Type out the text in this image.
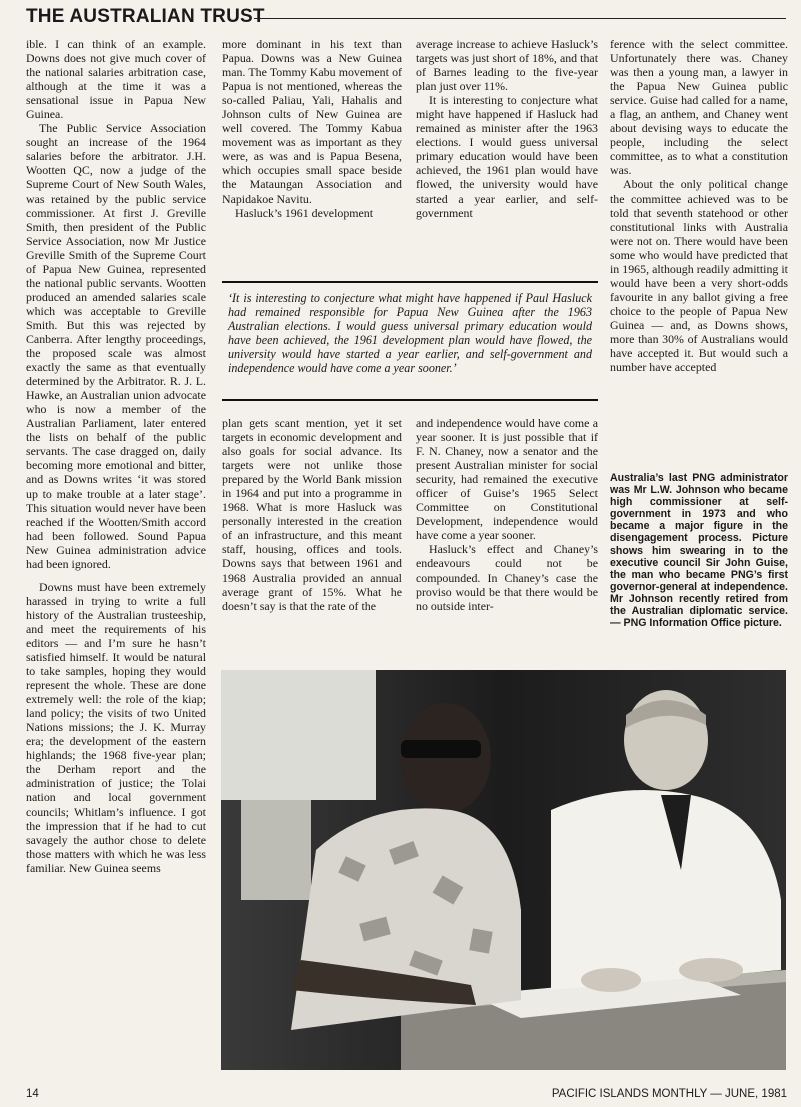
THE AUSTRALIAN TRUST

ible. I can think of an example. Downs does not give much cover of the national salaries arbitration case, although at the time it was a sensational issue in Papua New Guinea.

The Public Service Association sought an increase of the 1964 salaries before the arbitrator. J.H. Wootten QC, now a judge of the Supreme Court of New South Wales, was retained by the public service commissioner. At first J. Greville Smith, then president of the Public Service Association, now Mr Justice Greville Smith of the Supreme Court of Papua New Guinea, represented the national public servants. Wootten produced an amended salaries scale which was acceptable to Greville Smith. But this was rejected by Canberra. After lengthy proceedings, the proposed scale was almost exactly the same as that eventually determined by the Arbitrator. R. J. L. Hawke, an Australian union advocate who is now a member of the Australian Parliament, later entered the lists on behalf of the public servants. The case dragged on, daily becoming more emotional and bitter, and as Downs writes ‘it was stored up to make trouble at a later stage’. This situation would never have been reached if the Wootten/Smith accord had been followed. Sound Papua New Guinea administration advice had been ignored.

Downs must have been extremely harassed in trying to write a full history of the Australian trusteeship, and meet the requirements of his editors — and I’m sure he hasn’t satisfied himself. It would be natural to take samples, hoping they would represent the whole. These are done extremely well: the role of the kiap; land policy; the visits of two United Nations missions; the J. K. Murray era; the development of the eastern highlands; the 1968 five-year plan; the Derham report and the administration of justice; the Tolai nation and local government councils; Whitlam’s influence. I got the impression that if he had to cut savagely the author chose to delete those matters with which he was less familiar. New Guinea seems

more dominant in his text than Papua. Downs was a New Guinea man. The Tommy Kabu movement of Papua is not mentioned, whereas the so-called Paliau, Yali, Hahalis and Johnson cults of New Guinea are well covered. The Tommy Kabua movement was as important as they were, as was and is Papua Besena, which occupies small space beside the Mataungan Association and Napidakoe Navitu.

Hasluck’s 1961 development

average increase to achieve Hasluck’s targets was just short of 18%, and that of Barnes leading to the five-year plan just over 11%.

It is interesting to conjecture what might have happened if Hasluck had remained as minister after the 1963 elections. I would guess universal primary education would have been achieved, the 1961 plan would have flowed, the university would have started a year earlier, and self-government

ference with the select committee. Unfortunately there was. Chaney was then a young man, a lawyer in the Papua New Guinea public service. Guise had called for a name, a flag, an anthem, and Chaney went about devising ways to educate the people, including the select committee, as to what a constitution was.

About the only political change the committee achieved was to be told that seventh statehood or other constitutional links with Australia were not on. There would have been some who would have predicted that in 1965, although readily admitting it would have been a very short-odds favourite in any ballot giving a free choice to the people of Papua New Guinea — and, as Downs shows, more than 30% of Australians would have accepted it. But would such a number have accepted

‘It is interesting to conjecture what might have happened if Paul Hasluck had remained responsible for Papua New Guinea after the 1963 Australian elections. I would guess universal primary education would have been achieved, the 1961 development plan would have flowed, the university would have started a year earlier, and self-government and independence would have come a year sooner.’

plan gets scant mention, yet it set targets in economic development and also goals for social advance. Its targets were not unlike those prepared by the World Bank mission in 1964 and put into a programme in 1968. What is more Hasluck was personally interested in the creation of an infrastructure, and this meant staff, housing, offices and tools. Downs says that between 1961 and 1968 Australia provided an annual average grant of 15%. What he doesn’t say is that the rate of the

and independence would have come a year sooner. It is just possible that if F. N. Chaney, now a senator and the present Australian minister for social security, had remained the executive officer of Guise’s 1965 Select Committee on Constitutional Development, independence would have come a year sooner.

Hasluck’s effect and Chaney’s endeavours could not be compounded. In Chaney’s case the proviso would be that there would be no outside inter-

Australia’s last PNG administrator was Mr L.W. Johnson who became high commissioner at self-government in 1973 and who became a major figure in the disengagement process. Picture shows him swearing in to the executive council Sir John Guise, the man who became PNG’s first governor-general at independence. Mr Johnson recently retired from the Australian diplomatic service. — PNG Information Office picture.
14	PACIFIC ISLANDS MONTHLY — JUNE, 1981
